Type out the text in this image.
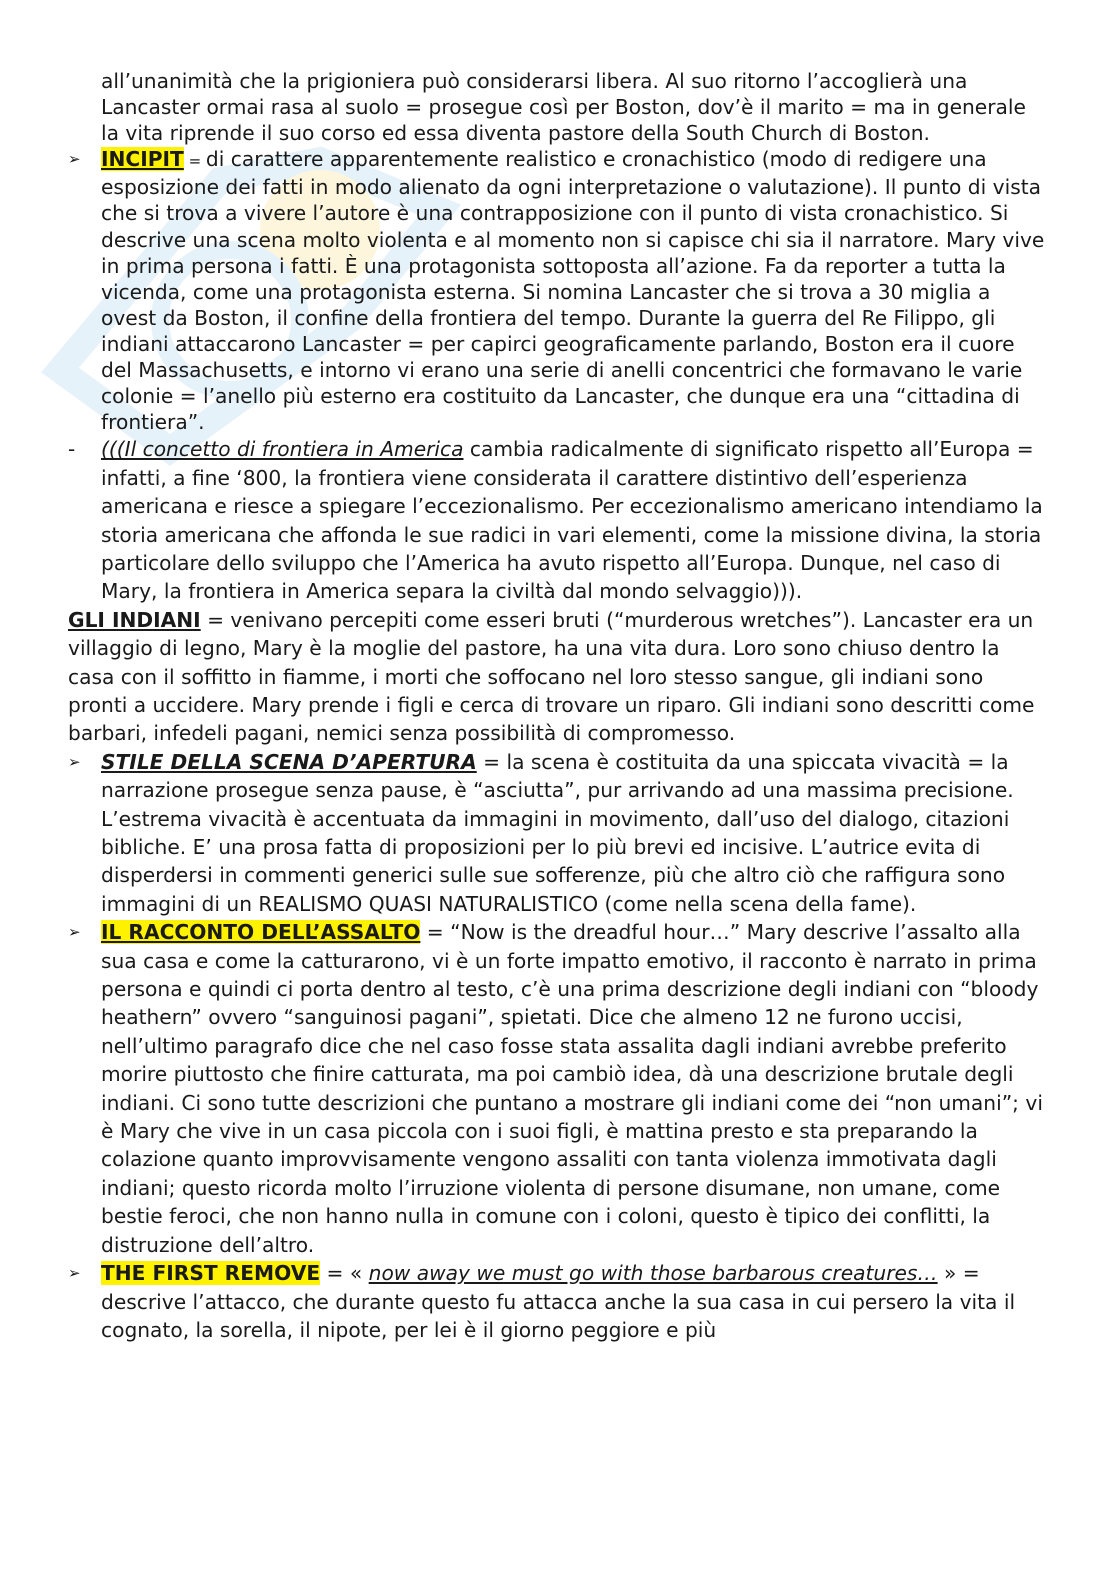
all’unanimità che la prigioniera può considerarsi libera. Al suo ritorno l’accoglierà una Lancaster ormai rasa al suolo = prosegue così per Boston, dov’è il marito = ma in generale la vita riprende il suo corso ed essa diventa pastore della South Church di Boston.

➢	INCIPIT = di carattere apparentemente realistico e cronachistico (modo di redigere una esposizione dei fatti in modo alienato da ogni interpretazione o valutazione). Il punto di vista che si trova a vivere l’autore è una contrapposizione con il punto di vista cronachistico. Si descrive una scena molto violenta e al momento non si capisce chi sia il narratore. Mary vive in prima persona i fatti. È una protagonista sottoposta all’azione. Fa da reporter a tutta la vicenda, come una protagonista esterna. Si nomina Lancaster che si trova a 30 miglia a ovest da Boston, il confine della frontiera del tempo. Durante la guerra del Re Filippo, gli indiani attaccarono Lancaster = per capirci geograficamente parlando, Boston era il cuore del Massachusetts, e intorno vi erano una serie di anelli concentrici che formavano le varie colonie = l’anello più esterno era costituito da Lancaster, che dunque era una “cittadina di frontiera”.

-	(((Il concetto di frontiera in America cambia radicalmente di significato rispetto all’Europa = infatti, a fine ‘800, la frontiera viene considerata il carattere distintivo dell’esperienza americana e riesce a spiegare l’eccezionalismo. Per eccezionalismo americano intendiamo la storia americana che affonda le sue radici in vari elementi, come la missione divina, la storia particolare dello sviluppo che l’America ha avuto rispetto all’Europa. Dunque, nel caso di Mary, la frontiera in America separa la civiltà dal mondo selvaggio))).

GLI INDIANI = venivano percepiti come esseri bruti (“murderous wretches”). Lancaster era un villaggio di legno, Mary è la moglie del pastore, ha una vita dura. Loro sono chiuso dentro la casa con il soffitto in fiamme, i morti che soffocano nel loro stesso sangue, gli indiani sono pronti a uccidere. Mary prende i figli e cerca di trovare un riparo. Gli indiani sono descritti come barbari, infedeli pagani, nemici senza possibilità di compromesso.

➢	STILE DELLA SCENA D’APERTURA = la scena è costituita da una spiccata vivacità = la narrazione prosegue senza pause, è “asciutta”, pur arrivando ad una massima precisione. L’estrema vivacità è accentuata da immagini in movimento, dall’uso del dialogo, citazioni bibliche. E’ una prosa fatta di proposizioni per lo più brevi ed incisive. L’autrice evita di disperdersi in commenti generici sulle sue sofferenze, più che altro ciò che raffigura sono immagini di un REALISMO QUASI NATURALISTICO (come nella scena della fame).

➢	IL RACCONTO DELL’ASSALTO = “Now is the dreadful hour…” Mary descrive l’assalto alla sua casa e come la catturarono, vi è un forte impatto emotivo, il racconto è narrato in prima persona e quindi ci porta dentro al testo, c’è una prima descrizione degli indiani con “bloody heathern” ovvero “sanguinosi pagani”, spietati. Dice che almeno 12 ne furono uccisi, nell’ultimo paragrafo dice che nel caso fosse stata assalita dagli indiani avrebbe preferito morire piuttosto che finire catturata, ma poi cambiò idea, dà una descrizione brutale degli indiani. Ci sono tutte descrizioni che puntano a mostrare gli indiani come dei “non umani”; vi è Mary che vive in un casa piccola con i suoi figli, è mattina presto e sta preparando la colazione quanto improvvisamente vengono assaliti con tanta violenza immotivata dagli indiani; questo ricorda molto l’irruzione violenta di persone disumane, non umane, come bestie feroci, che non hanno nulla in comune con i coloni, questo è tipico dei conflitti, la distruzione dell’altro.

➢	THE FIRST REMOVE = « now away we must go with those barbarous creatures… » = descrive l’attacco, che durante questo fu attacca anche la sua casa in cui persero la vita il cognato, la sorella, il nipote, per lei è il giorno peggiore e più
